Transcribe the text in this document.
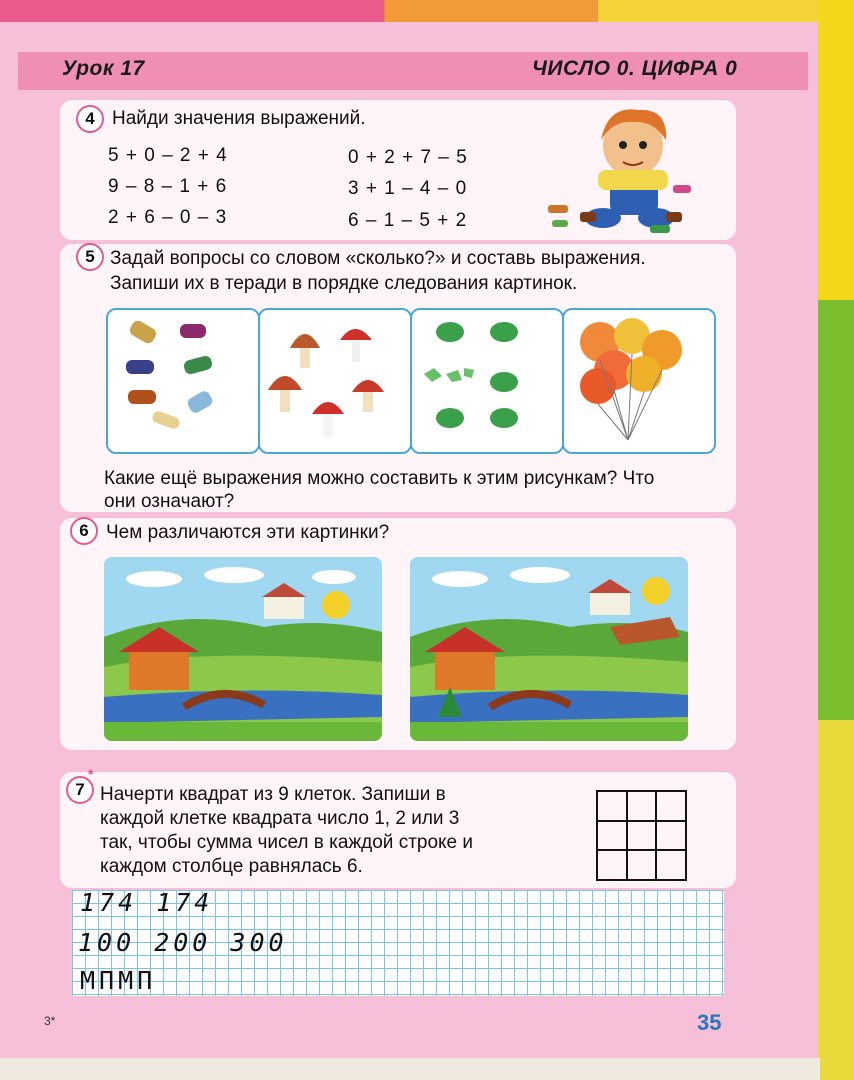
Урок 17	ЧИСЛО 0. ЦИФРА 0
4 Найди значения выражений.
5 + 0 – 2 + 4
9 – 8 – 1 + 6
2 + 6 – 0 – 3
0 + 2 + 7 – 5
3 + 1 – 4 – 0
6 – 1 – 5 + 2
5 Задай вопросы со словом «сколько?» и составь выражения.
Запиши их в теради в порядке следования картинок.
Какие ещё выражения можно составить к этим рисункам? Что
они означают?
6 Чем различаются эти картинки?
7
*
Начерти квадрат из 9 клеток. Запиши в
каждой клетке квадрата число 1, 2 или 3
так, чтобы сумма чисел в каждой строке и
каждом столбце равнялась 6.
174 174
100 200 300
МПМП
3*	35
